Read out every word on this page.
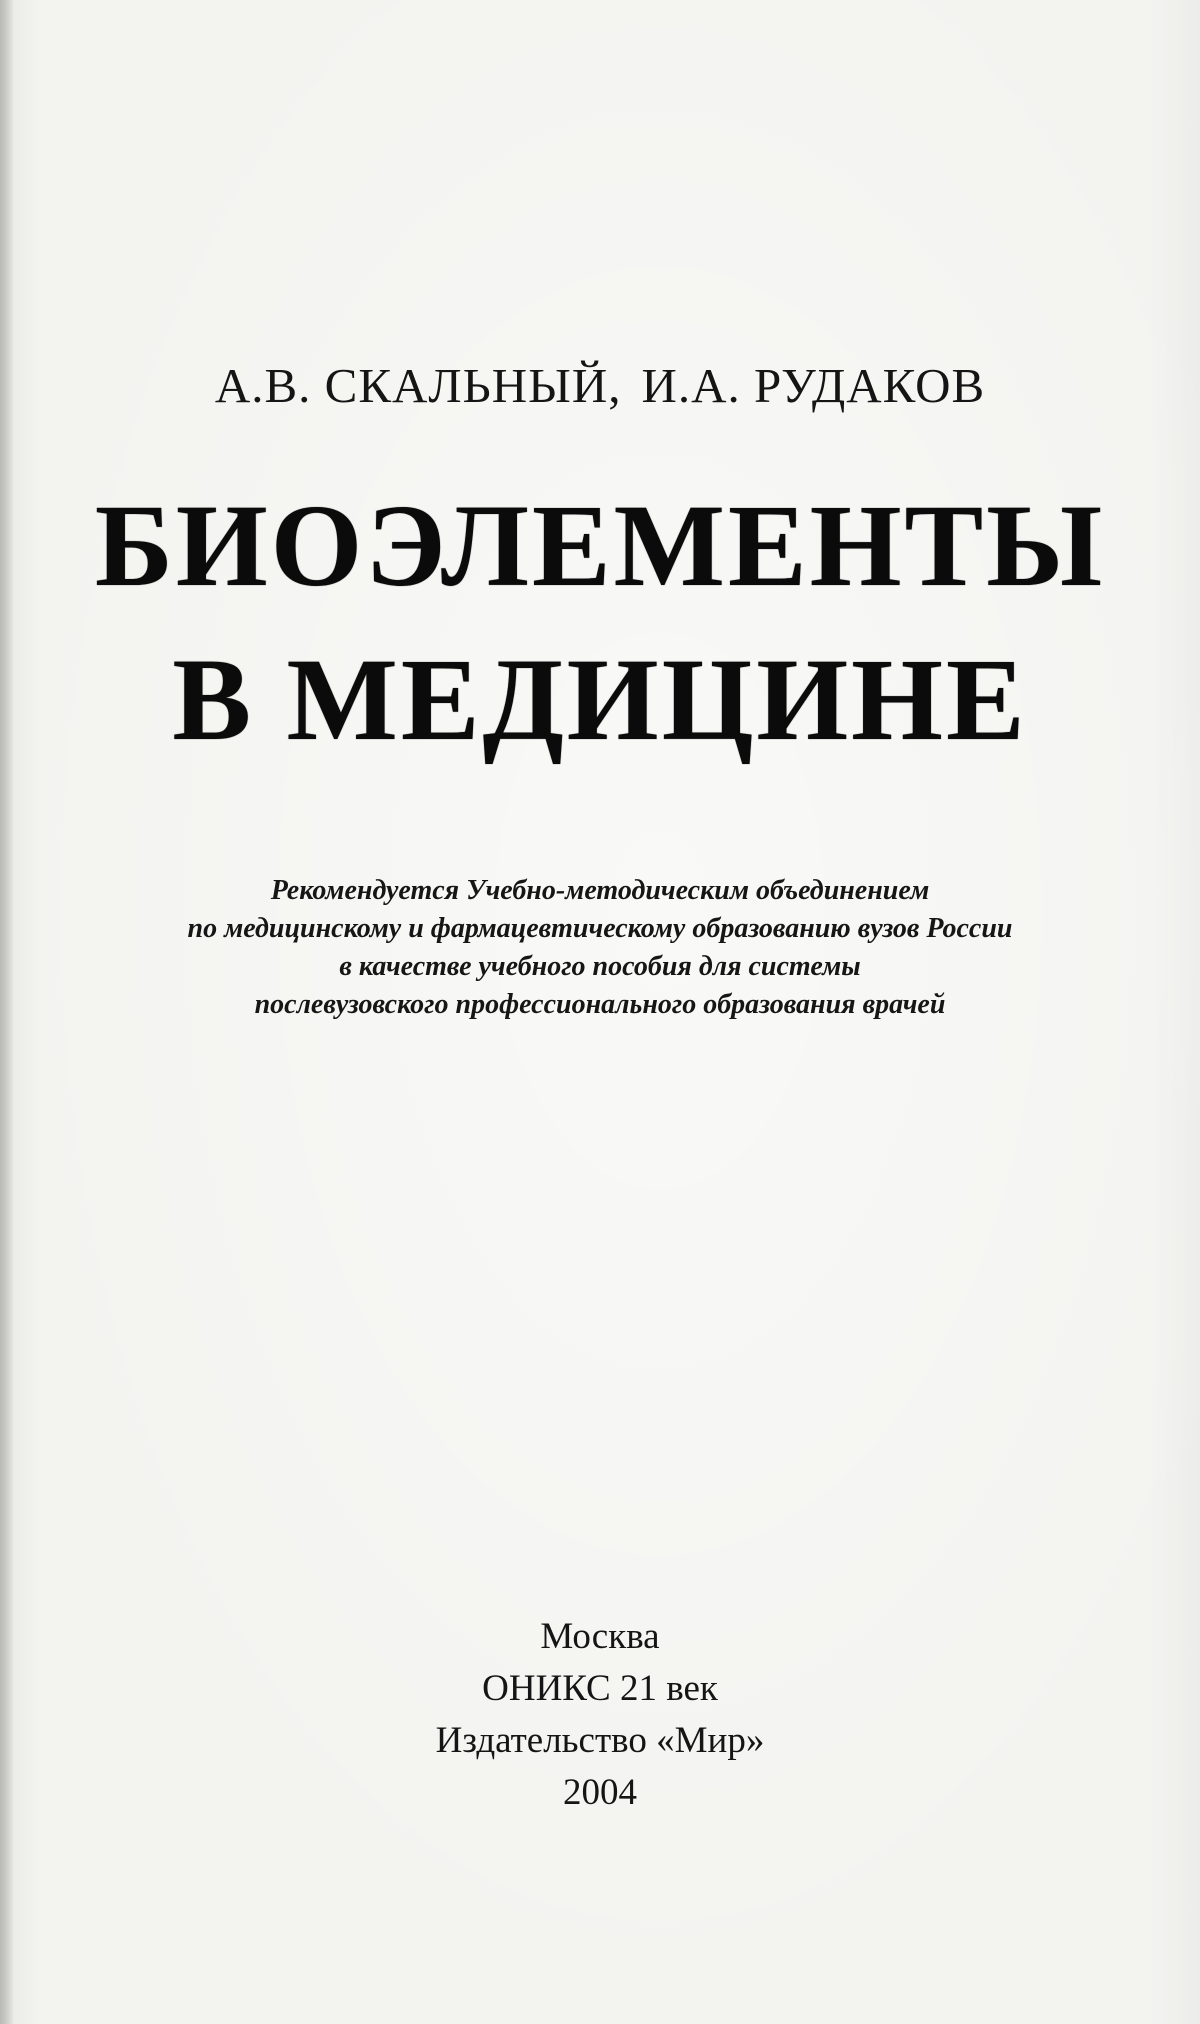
А.В. СКАЛЬНЫЙ, И.А. РУДАКОВ
БИОЭЛЕМЕНТЫ
В МЕДИЦИНЕ
Рекомендуется Учебно-методическим объединением
по медицинскому и фармацевтическому образованию вузов России
в качестве учебного пособия для системы
послевузовского профессионального образования врачей
Москва
ОНИКС 21 век
Издательство «Мир»
2004
